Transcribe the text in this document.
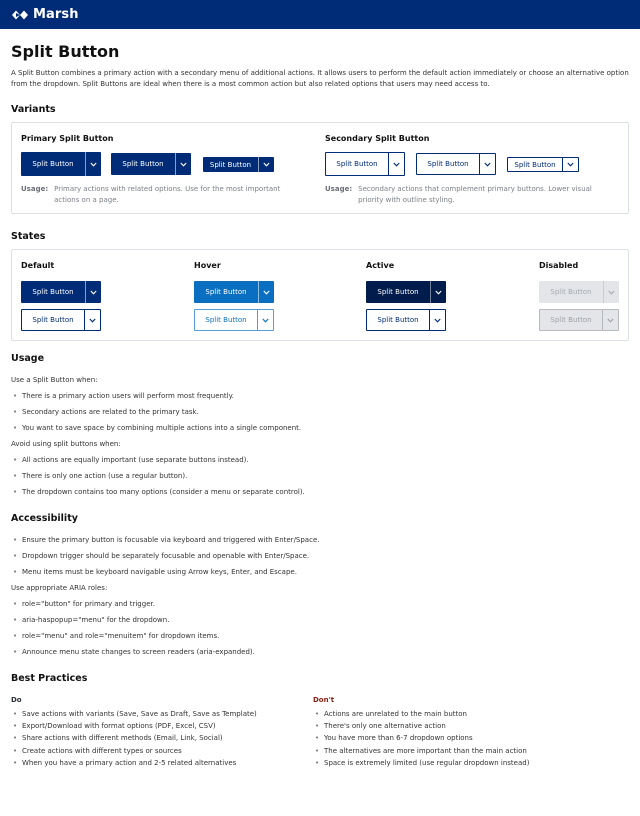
Marsh
Split Button
A Split Button combines a primary action with a secondary menu of additional actions. It allows users to perform the default action immediately or choose an alternative option from the dropdown. Split Buttons are ideal when there is a most common action but also related options that users may need access to.
Variants
Primary Split Button
Split Button	Split Button	Split Button
Usage: Primary actions with related options. Use for the most important actions on a page.
Secondary Split Button
Split Button	Split Button	Split Button
Usage: Secondary actions that complement primary buttons. Lower visual priority with outline styling.
States
Default	Hover	Active	Disabled
Split Button	Split Button	Split Button	Split Button
Split Button	Split Button	Split Button	Split Button
Usage
Use a Split Button when:
• There is a primary action users will perform most frequently.
• Secondary actions are related to the primary task.
• You want to save space by combining multiple actions into a single component.
Avoid using split buttons when:
• All actions are equally important (use separate buttons instead).
• There is only one action (use a regular button).
• The dropdown contains too many options (consider a menu or separate control).
Accessibility
• Ensure the primary button is focusable via keyboard and triggered with Enter/Space.
• Dropdown trigger should be separately focusable and openable with Enter/Space.
• Menu items must be keyboard navigable using Arrow keys, Enter, and Escape.
Use appropriate ARIA roles:
• role="button" for primary and trigger.
• aria-haspopup="menu" for the dropdown.
• role="menu" and role="menuitem" for dropdown items.
• Announce menu state changes to screen readers (aria-expanded).
Best Practices
Do
• Save actions with variants (Save, Save as Draft, Save as Template)
• Export/Download with format options (PDF, Excel, CSV)
• Share actions with different methods (Email, Link, Social)
• Create actions with different types or sources
• When you have a primary action and 2-5 related alternatives
Don't
• Actions are unrelated to the main button
• There's only one alternative action
• You have more than 6-7 dropdown options
• The alternatives are more important than the main action
• Space is extremely limited (use regular dropdown instead)
